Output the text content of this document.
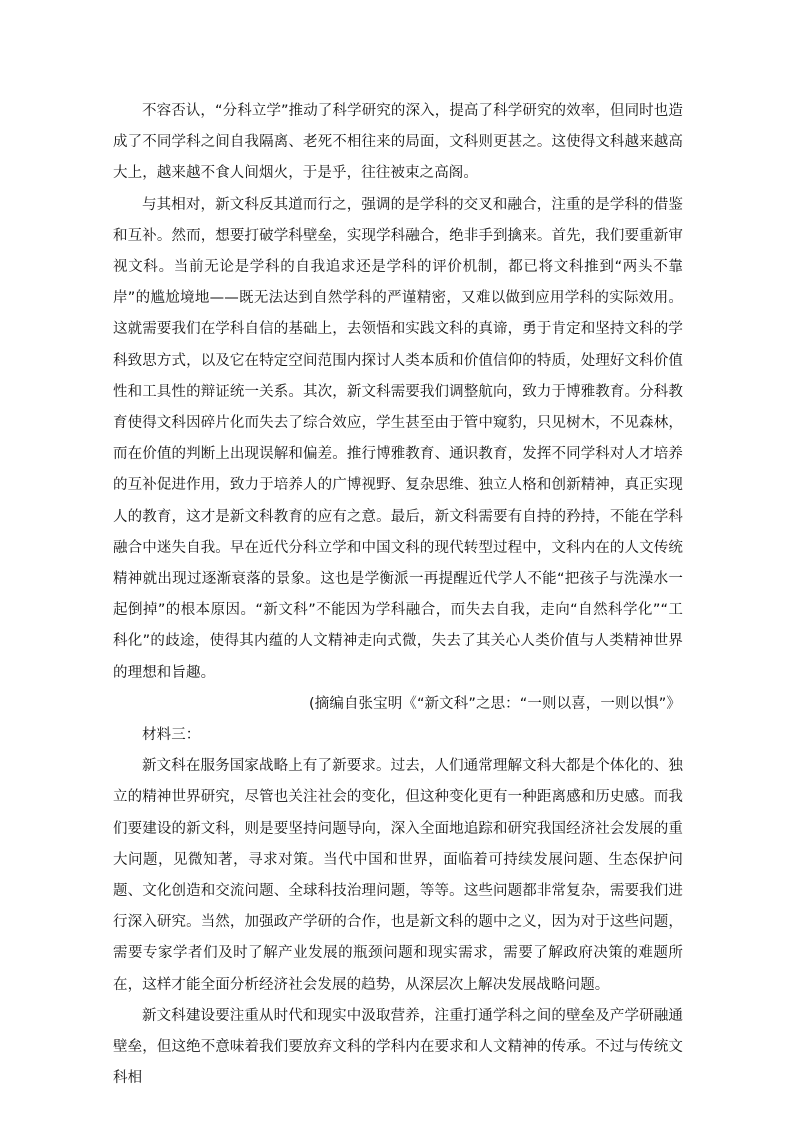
不容否认，“分科立学”推动了科学研究的深入，提高了科学研究的效率，但同时也造成了不同学科之间自我隔离、老死不相往来的局面，文科则更甚之。这使得文科越来越高大上，越来越不食人间烟火，于是乎，往往被束之高阁。

与其相对，新文科反其道而行之，强调的是学科的交叉和融合，注重的是学科的借鉴和互补。然而，想要打破学科壁垒，实现学科融合，绝非手到擒来。首先，我们要重新审视文科。当前无论是学科的自我追求还是学科的评价机制，都已将文科推到“两头不靠岸”的尴尬境地——既无法达到自然学科的严谨精密，又难以做到应用学科的实际效用。这就需要我们在学科自信的基础上，去领悟和实践文科的真谛，勇于肯定和坚持文科的学科致思方式，以及它在特定空间范围内探讨人类本质和价值信仰的特质，处理好文科价值性和工具性的辩证统一关系。其次，新文科需要我们调整航向，致力于博雅教育。分科教育使得文科因碎片化而失去了综合效应，学生甚至由于管中窥豹，只见树木，不见森林，而在价值的判断上出现误解和偏差。推行博雅教育、通识教育，发挥不同学科对人才培养的互补促进作用，致力于培养人的广博视野、复杂思维、独立人格和创新精神，真正实现人的教育，这才是新文科教育的应有之意。最后，新文科需要有自持的矜持，不能在学科融合中迷失自我。早在近代分科立学和中国文科的现代转型过程中，文科内在的人文传统精神就出现过逐渐衰落的景象。这也是学衡派一再提醒近代学人不能“把孩子与洗澡水一起倒掉”的根本原因。“新文科”不能因为学科融合，而失去自我，走向“自然科学化”“工科化”的歧途，使得其内蕴的人文精神走向式微，失去了其关心人类价值与人类精神世界的理想和旨趣。

(摘编自张宝明《“新文科”之思：“一则以喜，一则以惧”》

材料三：

新文科在服务国家战略上有了新要求。过去，人们通常理解文科大都是个体化的、独立的精神世界研究，尽管也关注社会的变化，但这种变化更有一种距离感和历史感。而我们要建设的新文科，则是要坚持问题导向，深入全面地追踪和研究我国经济社会发展的重大问题，见微知著，寻求对策。当代中国和世界，面临着可持续发展问题、生态保护问题、文化创造和交流问题、全球科技治理问题，等等。这些问题都非常复杂，需要我们进行深入研究。当然，加强政产学研的合作，也是新文科的题中之义，因为对于这些问题，需要专家学者们及时了解产业发展的瓶颈问题和现实需求，需要了解政府决策的难题所在，这样才能全面分析经济社会发展的趋势，从深层次上解决发展战略问题。

新文科建设要注重从时代和现实中汲取营养，注重打通学科之间的壁垒及产学研融通壁垒，但这绝不意味着我们要放弃文科的学科内在要求和人文精神的传承。不过与传统文科相
